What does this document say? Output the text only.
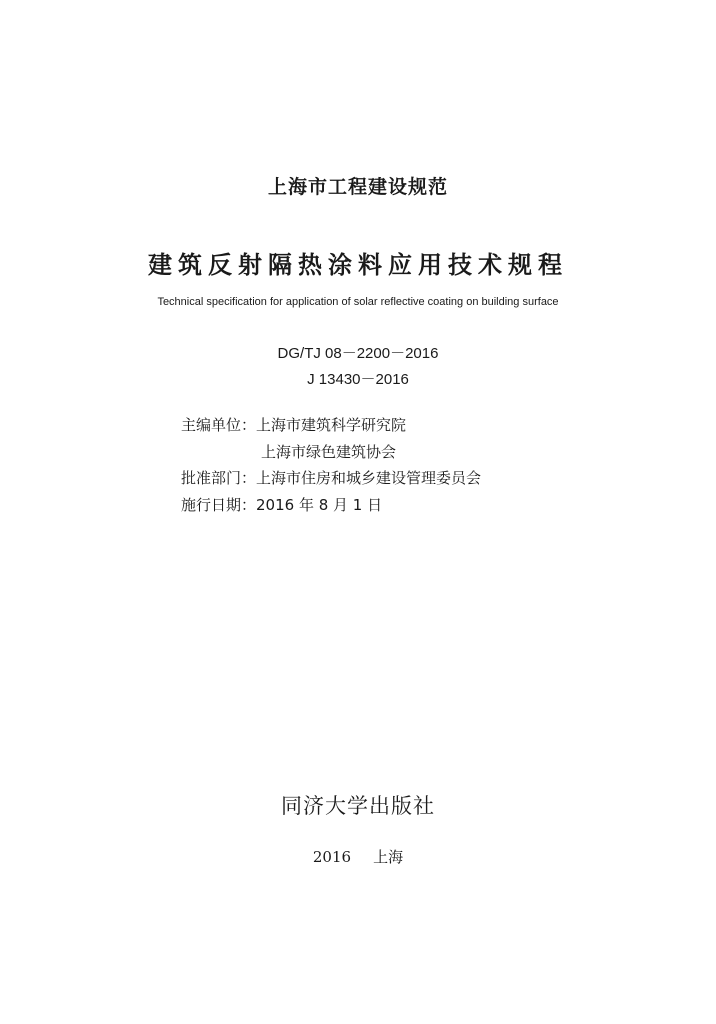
上海市工程建设规范
建筑反射隔热涂料应用技术规程
Technical specification for application of solar reflective coating on building surface
DG/TJ 08－2200－2016
J 13430－2016
主编单位：上海市建筑科学研究院
上海市绿色建筑协会
批准部门：上海市住房和城乡建设管理委员会
施行日期：2016 年 8 月 1 日
同济大学出版社
2016 上海
